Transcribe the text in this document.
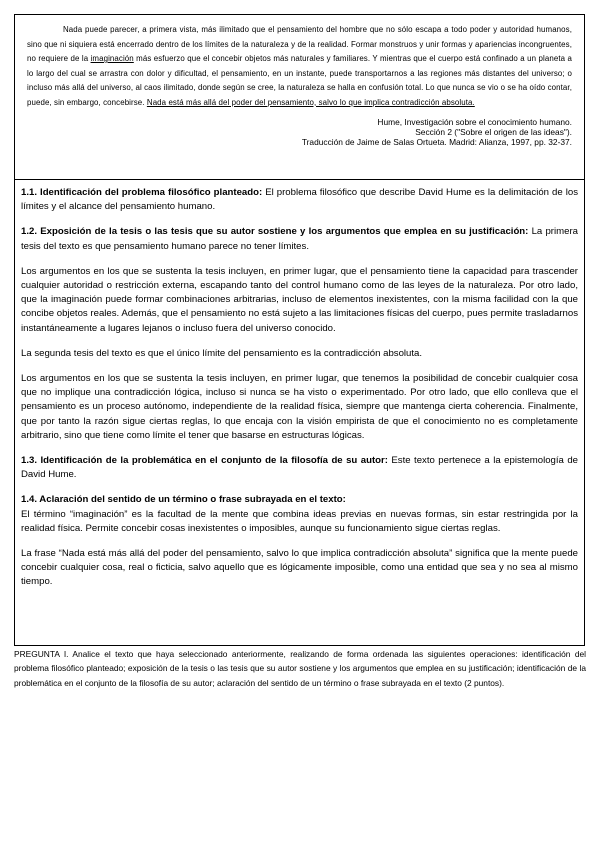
Nada puede parecer, a primera vista, más ilimitado que el pensamiento del hombre que no sólo escapa a todo poder y autoridad humanos, sino que ni siquiera está encerrado dentro de los límites de la naturaleza y de la realidad. Formar monstruos y unir formas y apariencias incongruentes, no requiere de la imaginación más esfuerzo que el concebir objetos más naturales y familiares. Y mientras que el cuerpo está confinado a un planeta a lo largo del cual se arrastra con dolor y dificultad, el pensamiento, en un instante, puede transportarnos a las regiones más distantes del universo; o incluso más allá del universo, al caos ilimitado, donde según se cree, la naturaleza se halla en confusión total. Lo que nunca se vio o se ha oído contar, puede, sin embargo, concebirse. Nada está más allá del poder del pensamiento, salvo lo que implica contradicción absoluta.

Hume, Investigación sobre el conocimiento humano.
Sección 2 ("Sobre el origen de las ideas").
Traducción de Jaime de Salas Ortueta. Madrid: Alianza, 1997, pp. 32-37.

1.1. Identificación del problema filosófico planteado: El problema filosófico que describe David Hume es la delimitación de los límites y el alcance del pensamiento humano.

1.2. Exposición de la tesis o las tesis que su autor sostiene y los argumentos que emplea en su justificación: La primera tesis del texto es que pensamiento humano parece no tener límites.

Los argumentos en los que se sustenta la tesis incluyen, en primer lugar, que el pensamiento tiene la capacidad para trascender cualquier autoridad o restricción externa, escapando tanto del control humano como de las leyes de la naturaleza. Por otro lado, que la imaginación puede formar combinaciones arbitrarias, incluso de elementos inexistentes, con la misma facilidad con la que concibe objetos reales. Además, que el pensamiento no está sujeto a las limitaciones físicas del cuerpo, pues permite trasladarnos instantáneamente a lugares lejanos o incluso fuera del universo conocido.

La segunda tesis del texto es que el único límite del pensamiento es la contradicción absoluta.

Los argumentos en los que se sustenta la tesis incluyen, en primer lugar, que tenemos la posibilidad de concebir cualquier cosa que no implique una contradicción lógica, incluso si nunca se ha visto o experimentado. Por otro lado, que ello conlleva que el pensamiento es un proceso autónomo, independiente de la realidad física, siempre que mantenga cierta coherencia. Finalmente, que por tanto la razón sigue ciertas reglas, lo que encaja con la visión empirista de que el conocimiento no es completamente arbitrario, sino que tiene como límite el tener que basarse en estructuras lógicas.

1.3. Identificación de la problemática en el conjunto de la filosofía de su autor: Este texto pertenece a la epistemología de David Hume.

1.4. Aclaración del sentido de un término o frase subrayada en el texto:

El término “imaginación” es la facultad de la mente que combina ideas previas en nuevas formas, sin estar restringida por la realidad física. Permite concebir cosas inexistentes o imposibles, aunque su funcionamiento sigue ciertas reglas.

La frase “Nada está más allá del poder del pensamiento, salvo lo que implica contradicción absoluta” significa que la mente puede concebir cualquier cosa, real o ficticia, salvo aquello que es lógicamente imposible, como una entidad que sea y no sea al mismo tiempo.

PREGUNTA I. Analice el texto que haya seleccionado anteriormente, realizando de forma ordenada las siguientes operaciones: identificación del problema filosófico planteado; exposición de la tesis o las tesis que su autor sostiene y los argumentos que emplea en su justificación; identificación de la problemática en el conjunto de la filosofía de su autor; aclaración del sentido de un término o frase subrayada en el texto (2 puntos).
